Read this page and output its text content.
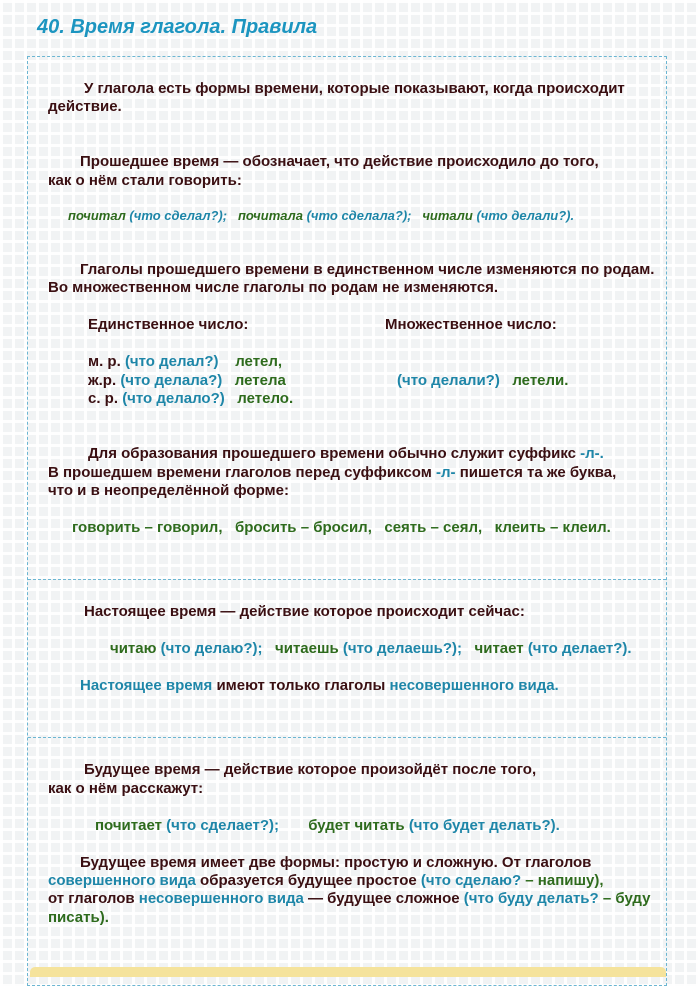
40. Время глагола. Правила
У глагола есть формы времени, которые показывают, когда происходит
действие.
Прошедшее время — обозначает, что действие происходило до того,
как о нём стали говорить:
почитал (что сделал?); почитала (что сделала?); читали (что делали?).
Глаголы прошедшего времени в единственном числе изменяются по родам.
Во множественном числе глаголы по родам не изменяются.
Единственное число:	Множественное число:
м. р. (что делал?) летел,
ж.р. (что делала?) летела
с. р. (что делало?) летело.
(что делали?) летели.
Для образования прошедшего времени обычно служит суффикс -л-.
В прошедшем времени глаголов перед суффиксом -л- пишется та же буква,
что и в неопределённой форме:
говорить – говорил,   бросить – бросил,   сеять – сеял,   клеить – клеил.
Настоящее время — действие которое происходит сейчас:
читаю (что делаю?); читаешь (что делаешь?); читает (что делает?).
Настоящее время имеют только глаголы несовершенного вида.
Будущее время — действие которое произойдёт после того,
как о нём расскажут:
почитает (что сделает?); будет читать (что будет делать?).
Будущее время имеет две формы: простую и сложную. От глаголов
совершенного вида образуется будущее простое (что сделаю? – напишу),
от глаголов несовершенного вида — будущее сложное (что буду делать? – буду
писать).
